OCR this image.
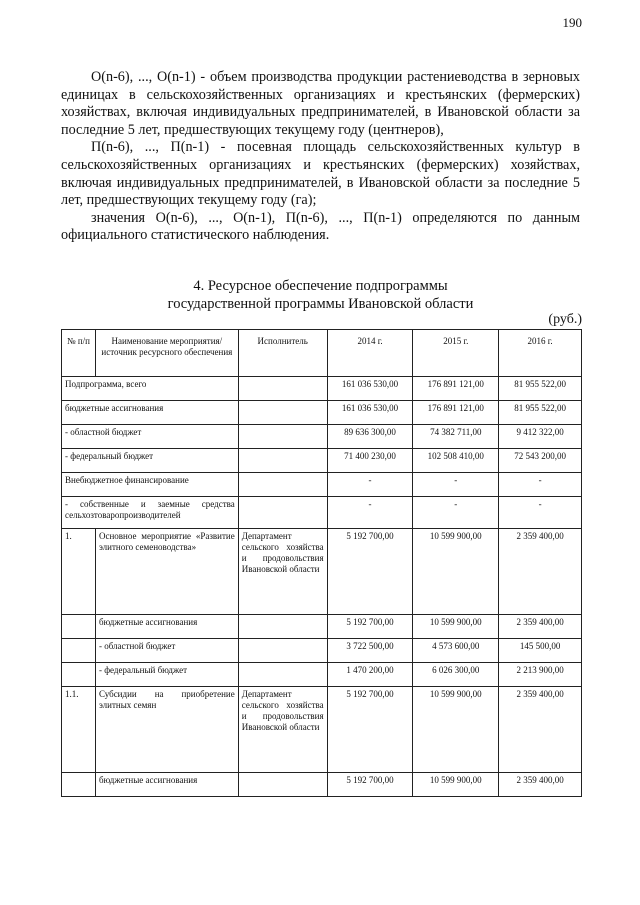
190

О(n-6), ..., О(n-1) - объем производства продукции растениеводства в зерновых единицах в сельскохозяйственных организациях и крестьянских (фермерских) хозяйствах, включая индивидуальных предпринимателей, в Ивановской области за последние 5 лет, предшествующих текущему году (центнеров),

П(n-6), ..., П(n-1) - посевная площадь сельскохозяйственных культур в сельскохозяйственных организациях и крестьянских (фермерских) хозяйствах, включая индивидуальных предпринимателей, в Ивановской области за последние 5 лет, предшествующих текущему году (га);

значения О(n-6), ..., О(n-1), П(n-6), ..., П(n-1) определяются по данным официального статистического наблюдения.

4. Ресурсное обеспечение подпрограммы
государственной программы Ивановской области
(руб.)
№ п/п	Наименование мероприятия/источник ресурсного обеспечения	Исполнитель	2014 г.	2015 г.	2016 г.
Подпрограмма, всего			161 036 530,00	176 891 121,00	81 955 522,00
бюджетные ассигнования			161 036 530,00	176 891 121,00	81 955 522,00
- областной бюджет			89 636 300,00	74 382 711,00	9 412 322,00
- федеральный бюджет			71 400 230,00	102 508 410,00	72 543 200,00
Внебюджетное финансирование			-	-	-
- собственные и заемные средства сельхозтоваропроизводителей			-	-	-
1.	Основное мероприятие «Развитие элитного семеноводства»	Департамент сельского хозяйства и продовольствия Ивановской области	5 192 700,00	10 599 900,00	2 359 400,00
	бюджетные ассигнования		5 192 700,00	10 599 900,00	2 359 400,00
	- областной бюджет		3 722 500,00	4 573 600,00	145 500,00
	- федеральный бюджет		1 470 200,00	6 026 300,00	2 213 900,00
1.1.	Субсидии на приобретение элитных семян	Департамент сельского хозяйства и продовольствия Ивановской области	5 192 700,00	10 599 900,00	2 359 400,00
	бюджетные ассигнования		5 192 700,00	10 599 900,00	2 359 400,00
